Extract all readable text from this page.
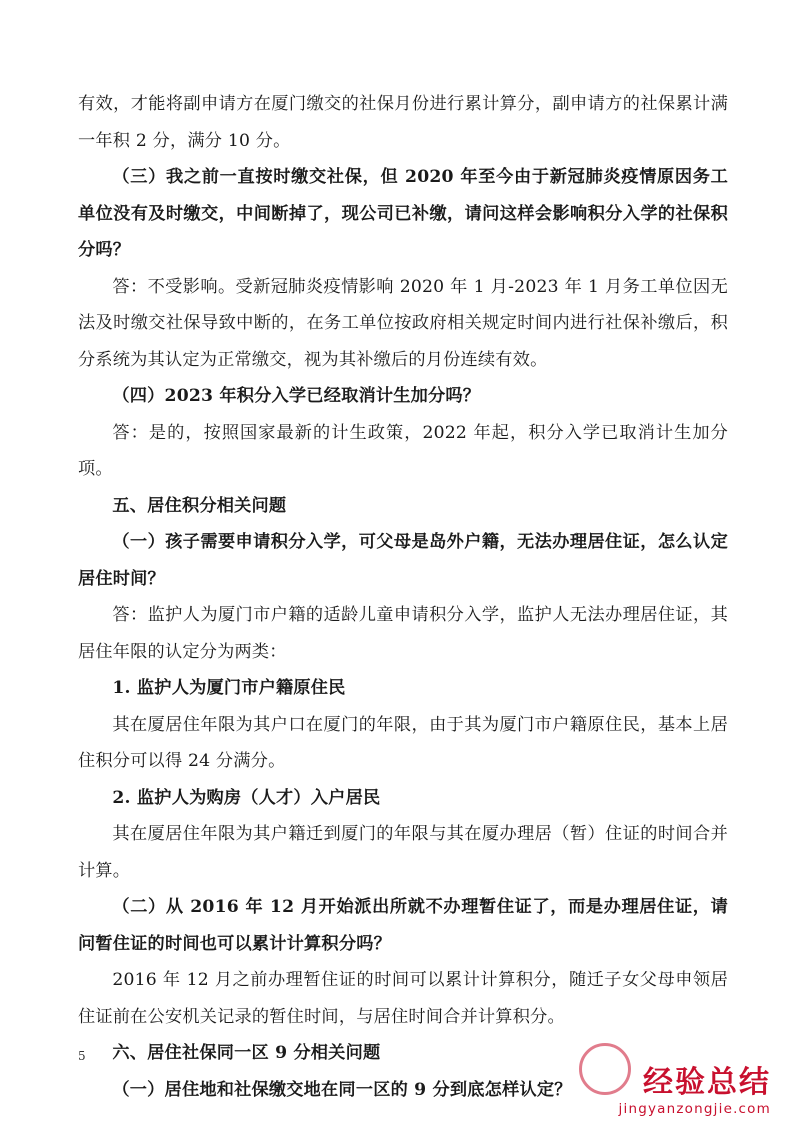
有效，才能将副申请方在厦门缴交的社保月份进行累计算分，副申请方的社保累计满一年积 2 分，满分 10 分。

（三）我之前一直按时缴交社保，但 2020 年至今由于新冠肺炎疫情原因务工单位没有及时缴交，中间断掉了，现公司已补缴，请问这样会影响积分入学的社保积分吗？

答：不受影响。受新冠肺炎疫情影响 2020 年 1 月-2023 年 1 月务工单位因无法及时缴交社保导致中断的，在务工单位按政府相关规定时间内进行社保补缴后，积分系统为其认定为正常缴交，视为其补缴后的月份连续有效。

（四）2023 年积分入学已经取消计生加分吗？

答：是的，按照国家最新的计生政策，2022 年起，积分入学已取消计生加分项。

五、居住积分相关问题

（一）孩子需要申请积分入学，可父母是岛外户籍，无法办理居住证，怎么认定居住时间？

答：监护人为厦门市户籍的适龄儿童申请积分入学，监护人无法办理居住证，其居住年限的认定分为两类：

1. 监护人为厦门市户籍原住民

其在厦居住年限为其户口在厦门的年限，由于其为厦门市户籍原住民，基本上居住积分可以得 24 分满分。

2. 监护人为购房（人才）入户居民

其在厦居住年限为其户籍迁到厦门的年限与其在厦办理居（暂）住证的时间合并计算。

（二）从 2016 年 12 月开始派出所就不办理暂住证了，而是办理居住证，请问暂住证的时间也可以累计计算积分吗？

2016 年 12 月之前办理暂住证的时间可以累计计算积分，随迁子女父母申领居住证前在公安机关记录的暂住时间，与居住时间合并计算积分。

六、居住社保同一区 9 分相关问题

（一）居住地和社保缴交地在同一区的 9 分到底怎样认定？

5
经验总结
jingyanzongjie.com
